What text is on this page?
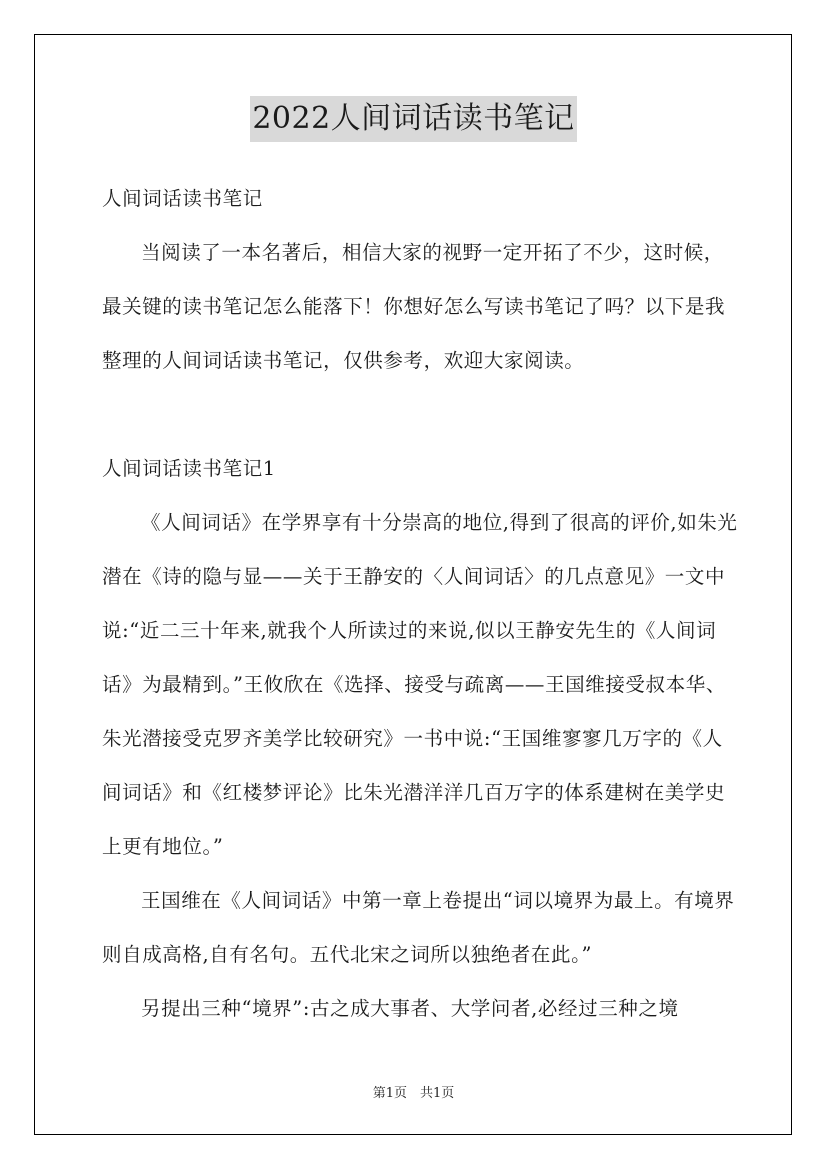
2022人间词话读书笔记

人间词话读书笔记

当阅读了一本名著后，相信大家的视野一定开拓了不少，这时候，最关键的读书笔记怎么能落下！你想好怎么写读书笔记了吗？以下是我整理的人间词话读书笔记，仅供参考，欢迎大家阅读。

人间词话读书笔记1

《人间词话》在学界享有十分崇高的地位,得到了很高的评价,如朱光潜在《诗的隐与显——关于王静安的〈人间词话〉的几点意见》一文中说:“近二三十年来,就我个人所读过的来说,似以王静安先生的《人间词话》为最精到。”王攸欣在《选择、接受与疏离——王国维接受叔本华、朱光潜接受克罗齐美学比较研究》一书中说:“王国维寥寥几万字的《人间词话》和《红楼梦评论》比朱光潜洋洋几百万字的体系建树在美学史上更有地位。”

王国维在《人间词话》中第一章上卷提出“词以境界为最上。有境界则自成高格,自有名句。五代北宋之词所以独绝者在此。”

另提出三种“境界”:古之成大事者、大学问者,必经过三种之境

第1页　共1页
